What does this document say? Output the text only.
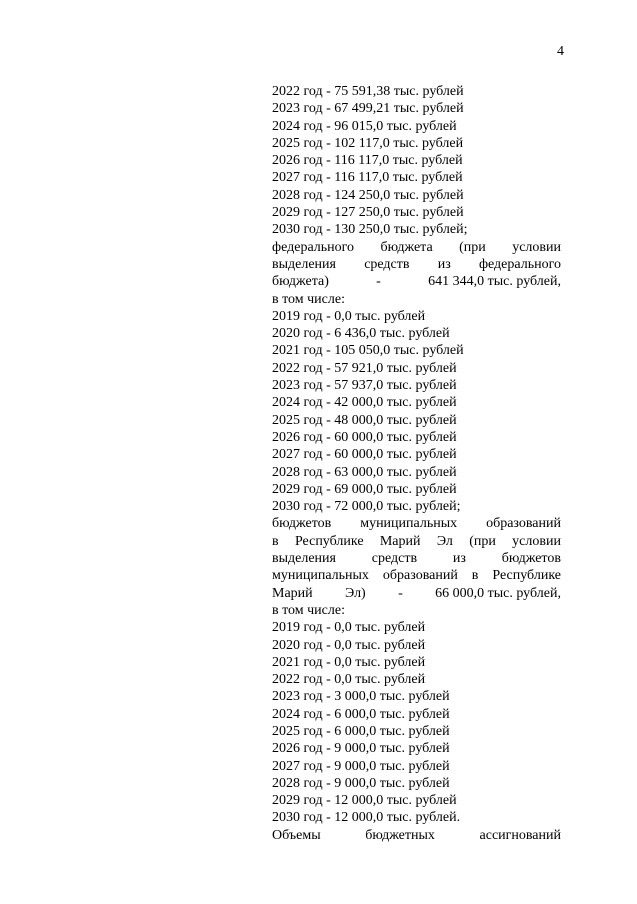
4
2022 год - 75 591,38 тыс. рублей
2023 год - 67 499,21 тыс. рублей
2024 год - 96 015,0 тыс. рублей
2025 год - 102 117,0 тыс. рублей
2026 год - 116 117,0 тыс. рублей
2027 год - 116 117,0 тыс. рублей
2028 год - 124 250,0 тыс. рублей
2029 год - 127 250,0 тыс. рублей
2030 год - 130 250,0 тыс. рублей;
федерального бюджета (при условии
выделения средств из федерального
бюджета)	-	641 344,0 тыс. рублей,
в том числе:
2019 год - 0,0 тыс. рублей
2020 год - 6 436,0 тыс. рублей
2021 год - 105 050,0 тыс. рублей
2022 год - 57 921,0 тыс. рублей
2023 год - 57 937,0 тыс. рублей
2024 год - 42 000,0 тыс. рублей
2025 год - 48 000,0 тыс. рублей
2026 год - 60 000,0 тыс. рублей
2027 год - 60 000,0 тыс. рублей
2028 год - 63 000,0 тыс. рублей
2029 год - 69 000,0 тыс. рублей
2030 год - 72 000,0 тыс. рублей;
бюджетов муниципальных образований
в Республике Марий Эл (при условии
выделения	средств	из	бюджетов
муниципальных образований в Республике
Марий Эл) - 66 000,0 тыс. рублей,
в том числе:
2019 год - 0,0 тыс. рублей
2020 год - 0,0 тыс. рублей
2021 год - 0,0 тыс. рублей
2022 год - 0,0 тыс. рублей
2023 год - 3 000,0 тыс. рублей
2024 год - 6 000,0 тыс. рублей
2025 год - 6 000,0 тыс. рублей
2026 год - 9 000,0 тыс. рублей
2027 год - 9 000,0 тыс. рублей
2028 год - 9 000,0 тыс. рублей
2029 год - 12 000,0 тыс. рублей
2030 год - 12 000,0 тыс. рублей.
Объемы	бюджетных	ассигнований
